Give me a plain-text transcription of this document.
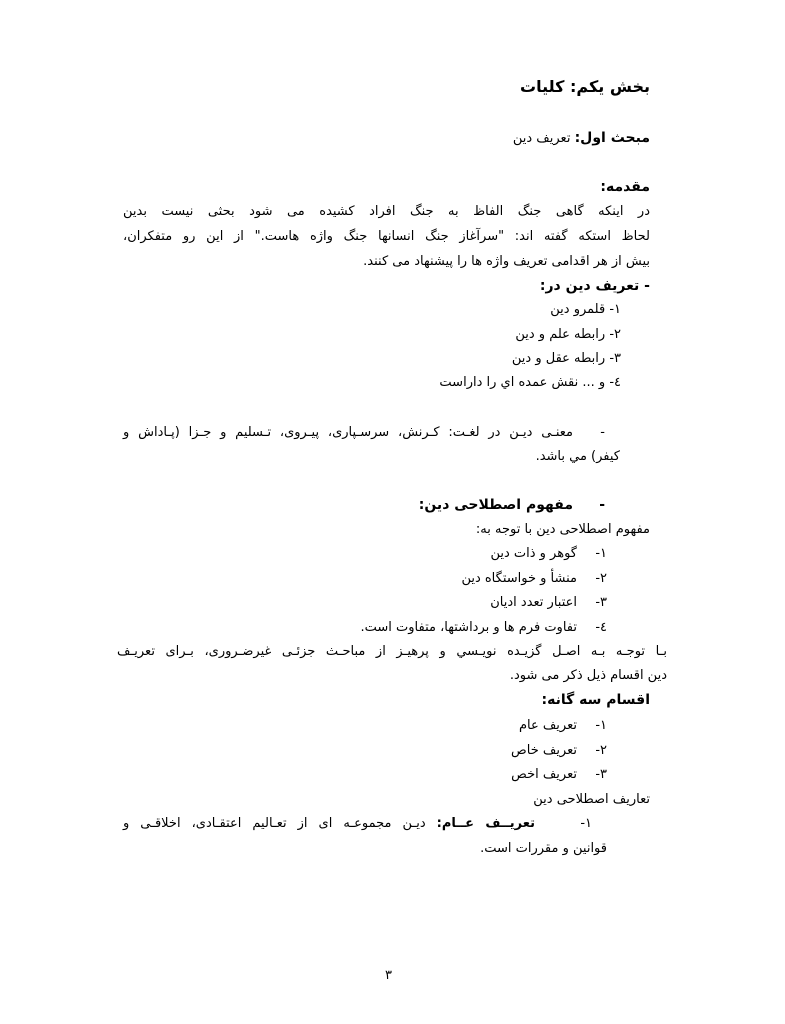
بخش یکم: کلیات
مبحث اول: تعریف دین
مقدمه:
در اینکه گاهی جنگ الفاظ به جنگ افراد کشیده می شود بحثی نیست بدین
لحاظ استکه گفته اند: "سرآغاز جنگ انسانها جنگ واژه هاست." از این رو متفکران،
بیش از هر اقدامی تعریف واژه ها را پیشنهاد می کنند.
- تعریف دین در:
۱- قلمرو دین
۲- رابطه علم و دین
۳- رابطه عقل و دین
٤- و ... نقش عمده اي را داراست
-
معنـی دیـن در لغـت: کـرنش، سرسـپاری، پیـروی، تـسلیم و جـزا (پـاداش و
کیفر) مي باشد.
-
مفهوم اصطلاحی دین:
مفهوم اصطلاحی دین با توجه به:
۱-گوهر و ذات دین
۲-منشأ و خواستگاه دین
۳-اعتبار تعدد ادیان
٤-تفاوت فرم ها و برداشتها، متفاوت است.
بـا توجـه بـه اصـل گزیـده نویـسي و پرهیـز از مباحـث جزئـی غیرضـروری، بـرای تعریـف
دین اقسام ذیل ذکر می شود.
اقسام سه گانه:
۱-تعریف عام
۲-تعریف خاص
۳-تعریف اخص
تعاریف اصطلاحی دین
۱-
تعریــف عــام: دیـن مجموعـه ای از تعـالیم اعتقـادی، اخلاقـی و
قوانین و مقررات است.
۳
